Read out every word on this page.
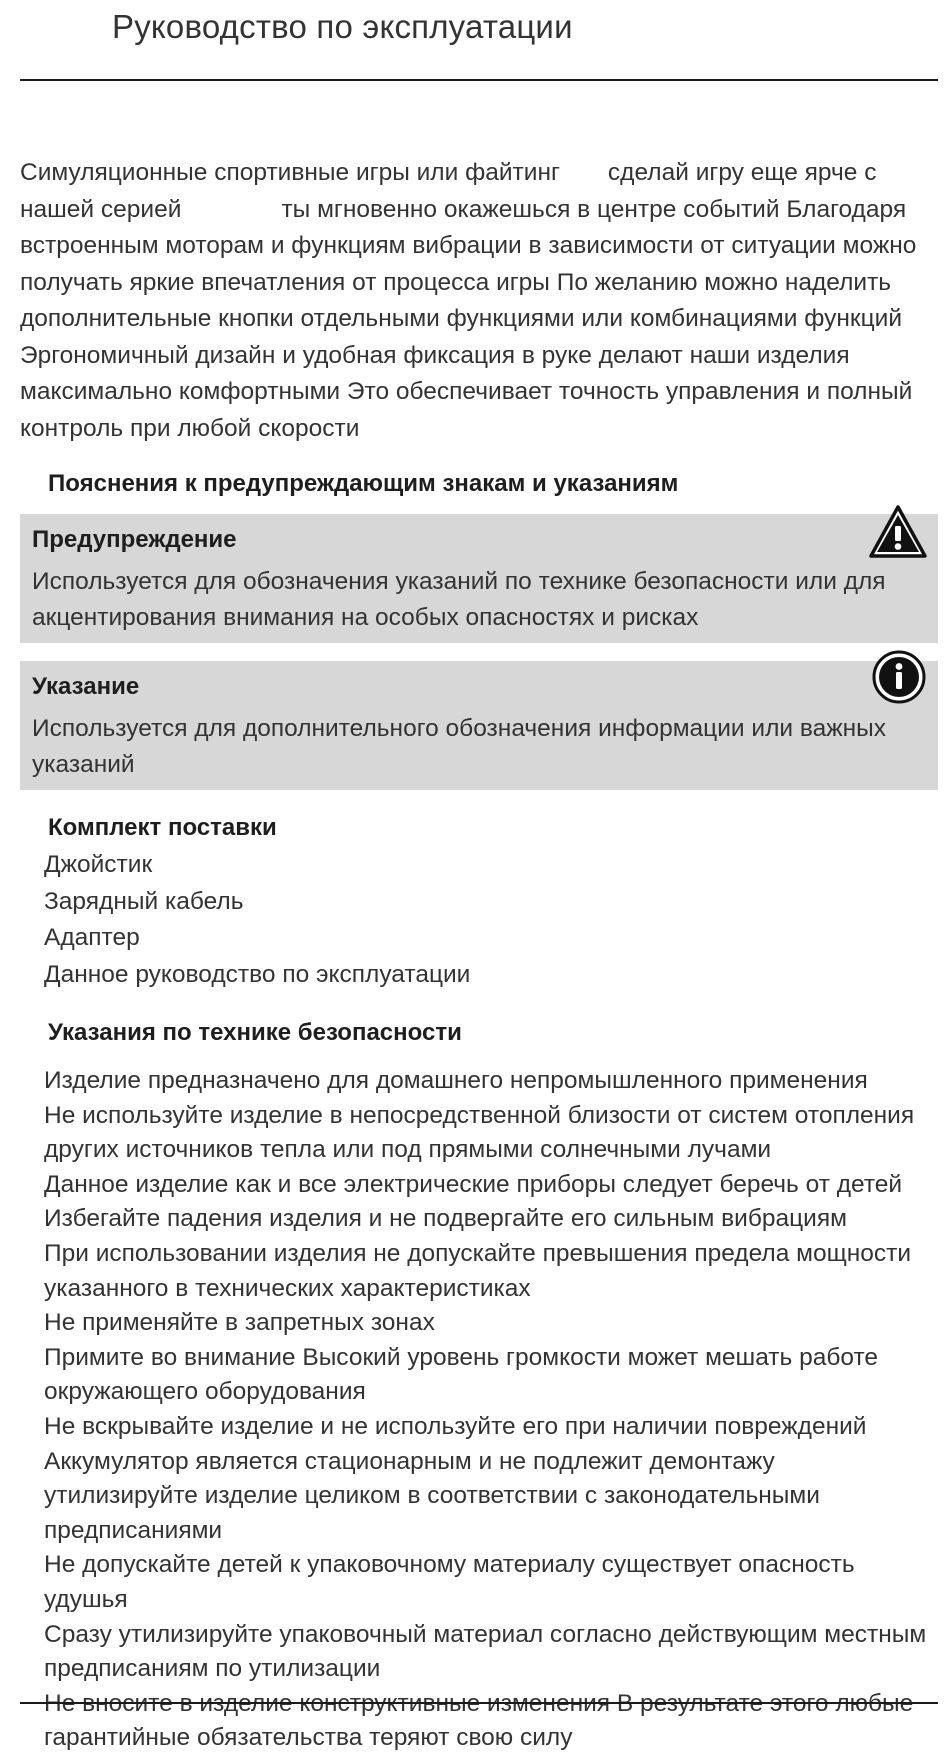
Руководство по эксплуатации

Симуляционные спортивные игры или файтинг сделай игру еще ярче с нашей серией	ты мгновенно окажешься в центре событий Благодаря встроенным моторам и функциям вибрации в зависимости от ситуации можно получать яркие впечатления от процесса игры По желанию можно наделить дополнительные кнопки отдельными функциями или комбинациями функций Эргономичный дизайн и удобная фиксация в руке делают наши изделия максимально комфортными Это обеспечивает точность управления и полный контроль при любой скорости

Пояснения к предупреждающим знакам и указаниям
Предупреждение
Используется для обозначения указаний по технике безопасности или для акцентирования внимания на особых опасностях и рисках
Указание
Используется для дополнительного обозначения информации или важных указаний
Комплект поставки
Джойстик
Зарядный кабель
Адаптер
Данное руководство по эксплуатации
Указания по технике безопасности
Изделие предназначено для домашнего непромышленного применения
Не используйте изделие в непосредственной близости от систем отопления других источников тепла или под прямыми солнечными лучами
Данное изделие как и все электрические приборы следует беречь от детей
Избегайте падения изделия и не подвергайте его сильным вибрациям
При использовании изделия не допускайте превышения предела мощности указанного в технических характеристиках
Не применяйте в запретных зонах
Примите во внимание Высокий уровень громкости может мешать работе окружающего оборудования
Не вскрывайте изделие и не используйте его при наличии повреждений
Аккумулятор является стационарным и не подлежит демонтажу утилизируйте изделие целиком в соответствии с законодательными предписаниями
Не допускайте детей к упаковочному материалу существует опасность удушья
Сразу утилизируйте упаковочный материал согласно действующим местным предписаниям по утилизации
Не вносите в изделие конструктивные изменения В результате этого любые гарантийные обязательства теряют свою силу
